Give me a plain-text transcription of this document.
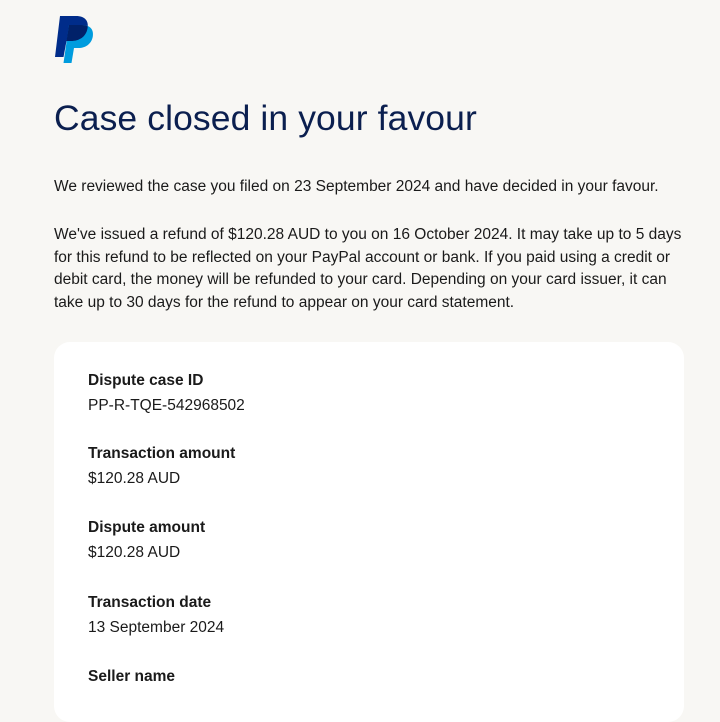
Case closed in your favour

We reviewed the case you filed on 23 September 2024 and have decided in your favour.

We've issued a refund of $120.28 AUD to you on 16 October 2024. It may take up to 5 days for this refund to be reflected on your PayPal account or bank. If you paid using a credit or debit card, the money will be refunded to your card. Depending on your card issuer, it can take up to 30 days for the refund to appear on your card statement.

Dispute case ID

PP-R-TQE-542968502

Transaction amount

$120.28 AUD

Dispute amount

$120.28 AUD

Transaction date

13 September 2024

Seller name
